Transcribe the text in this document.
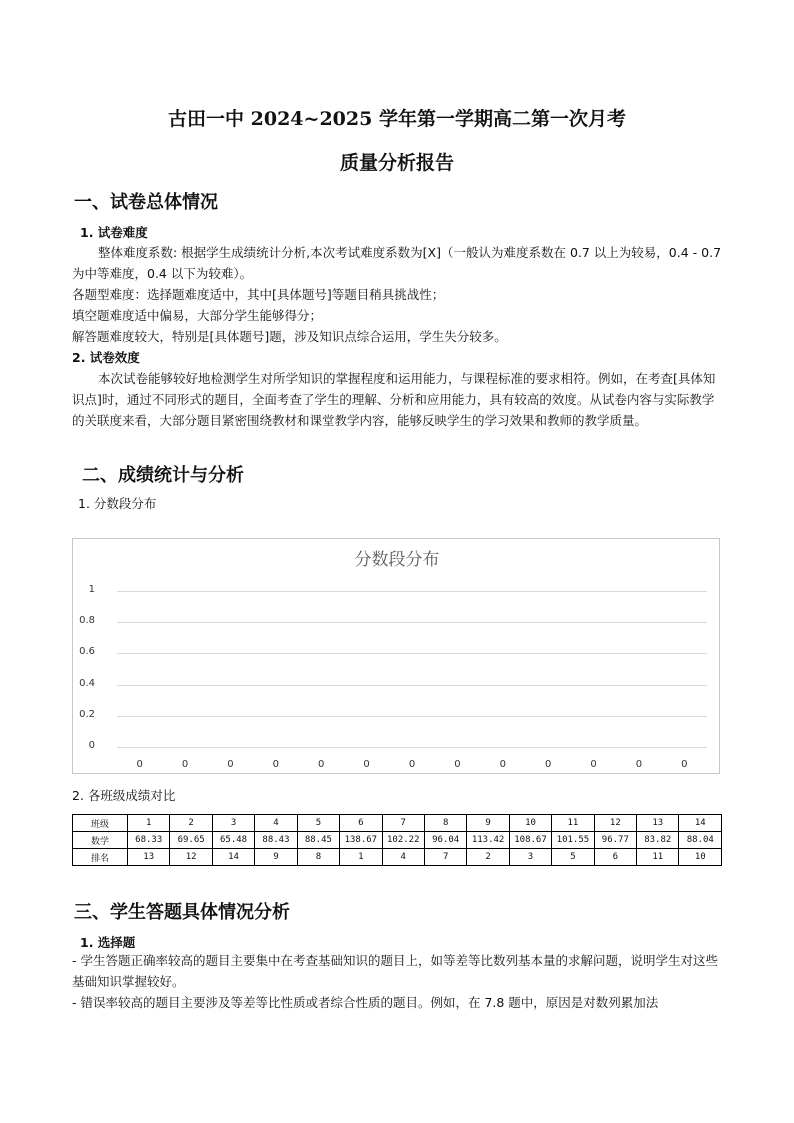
古田一中 2024~2025 学年第一学期高二第一次月考
质量分析报告
一、试卷总体情况
1. 试卷难度
整体难度系数: 根据学生成绩统计分析,本次考试难度系数为[X]（一般认为难度系数在 0.7 以上为较易，0.4 - 0.7 为中等难度，0.4 以下为较难）。
各题型难度：选择题难度适中，其中[具体题号]等题目稍具挑战性；
填空题难度适中偏易，大部分学生能够得分；
解答题难度较大，特别是[具体题号]题，涉及知识点综合运用，学生失分较多。
2. 试卷效度
本次试卷能够较好地检测学生对所学知识的掌握程度和运用能力，与课程标准的要求相符。例如，在考查[具体知识点]时，通过不同形式的题目，全面考查了学生的理解、分析和应用能力，具有较高的效度。从试卷内容与实际教学的关联度来看，大部分题目紧密围绕教材和课堂教学内容，能够反映学生的学习效果和教师的教学质量。
二、成绩统计与分析
1. 分数段分布
分数段分布
1
0.8
0.6
0.4
0.2
0
0	0	0	0	0	0	0	0	0	0	0	0	0
2. 各班级成绩对比
班级	1	2	3	4	5	6	7	8	9	10	11	12	13	14
数学	68.33	69.65	65.48	88.43	88.45	138.67	102.22	96.04	113.42	108.67	101.55	96.77	83.82	88.04
排名	13	12	14	9	8	1	4	7	2	3	5	6	11	10
三、学生答题具体情况分析
1. 选择题
- 学生答题正确率较高的题目主要集中在考查基础知识的题目上，如等差等比数列基本量的求解问题，说明学生对这些基础知识掌握较好。
- 错误率较高的题目主要涉及等差等比性质或者综合性质的题目。例如，在 7.8 题中，原因是对数列累加法
